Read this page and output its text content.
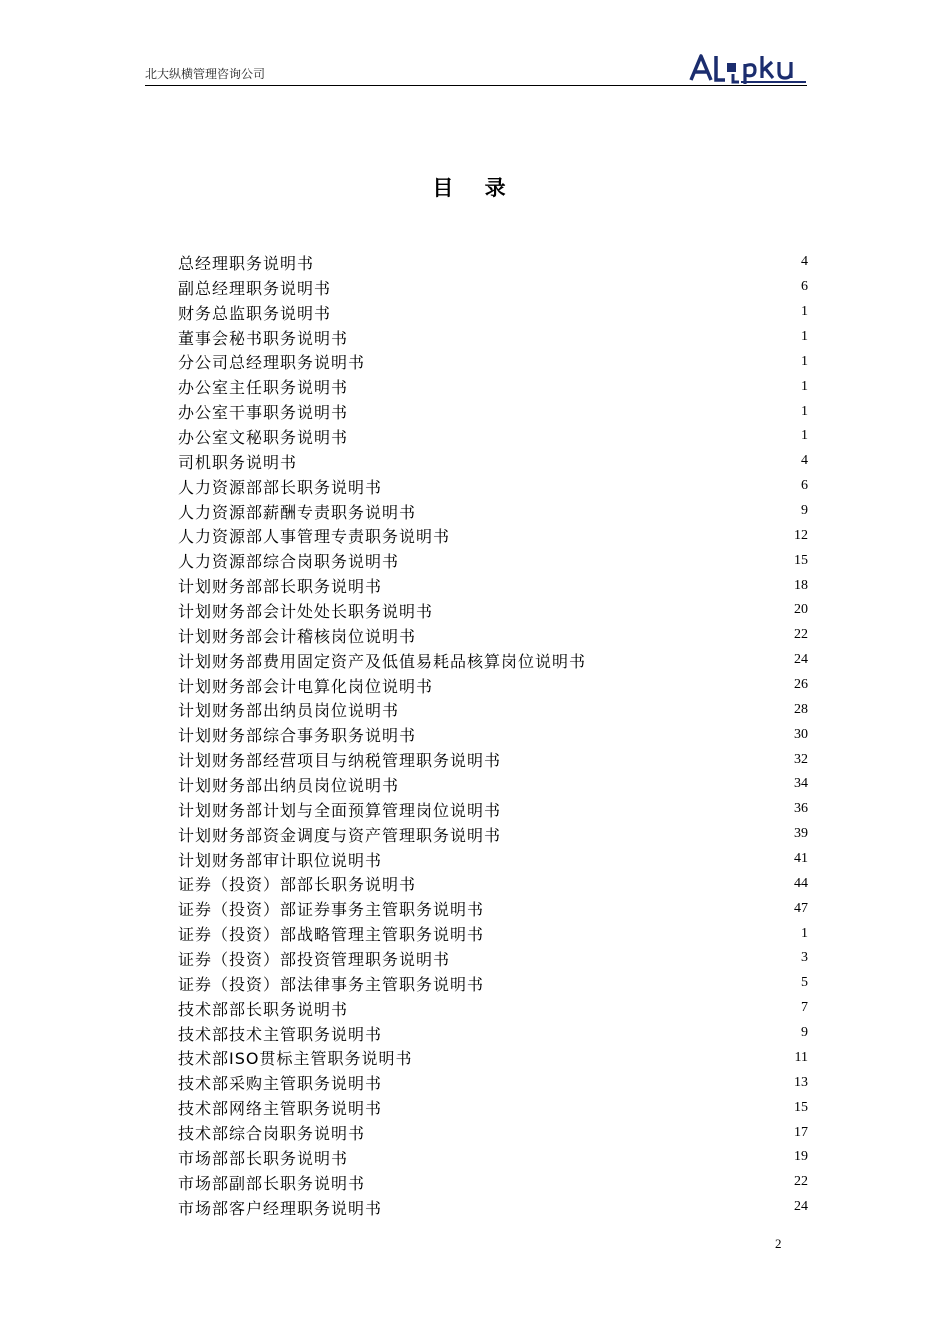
北大纵横管理咨询公司
目 录
总经理职务说明书	4
副总经理职务说明书	6
财务总监职务说明书	1
董事会秘书职务说明书	1
分公司总经理职务说明书	1
办公室主任职务说明书	1
办公室干事职务说明书	1
办公室文秘职务说明书	1
司机职务说明书	4
人力资源部部长职务说明书	6
人力资源部薪酬专责职务说明书	9
人力资源部人事管理专责职务说明书	12
人力资源部综合岗职务说明书	15
计划财务部部长职务说明书	18
计划财务部会计处处长职务说明书	20
计划财务部会计稽核岗位说明书	22
计划财务部费用固定资产及低值易耗品核算岗位说明书	24
计划财务部会计电算化岗位说明书	26
计划财务部出纳员岗位说明书	28
计划财务部综合事务职务说明书	30
计划财务部经营项目与纳税管理职务说明书	32
计划财务部出纳员岗位说明书	34
计划财务部计划与全面预算管理岗位说明书	36
计划财务部资金调度与资产管理职务说明书	39
计划财务部审计职位说明书	41
证券（投资）部部长职务说明书	44
证券（投资）部证券事务主管职务说明书	47
证券（投资）部战略管理主管职务说明书	1
证券（投资）部投资管理职务说明书	3
证券（投资）部法律事务主管职务说明书	5
技术部部长职务说明书	7
技术部技术主管职务说明书	9
技术部ISO贯标主管职务说明书	11
技术部采购主管职务说明书	13
技术部网络主管职务说明书	15
技术部综合岗职务说明书	17
市场部部长职务说明书	19
市场部副部长职务说明书	22
市场部客户经理职务说明书	24
2
